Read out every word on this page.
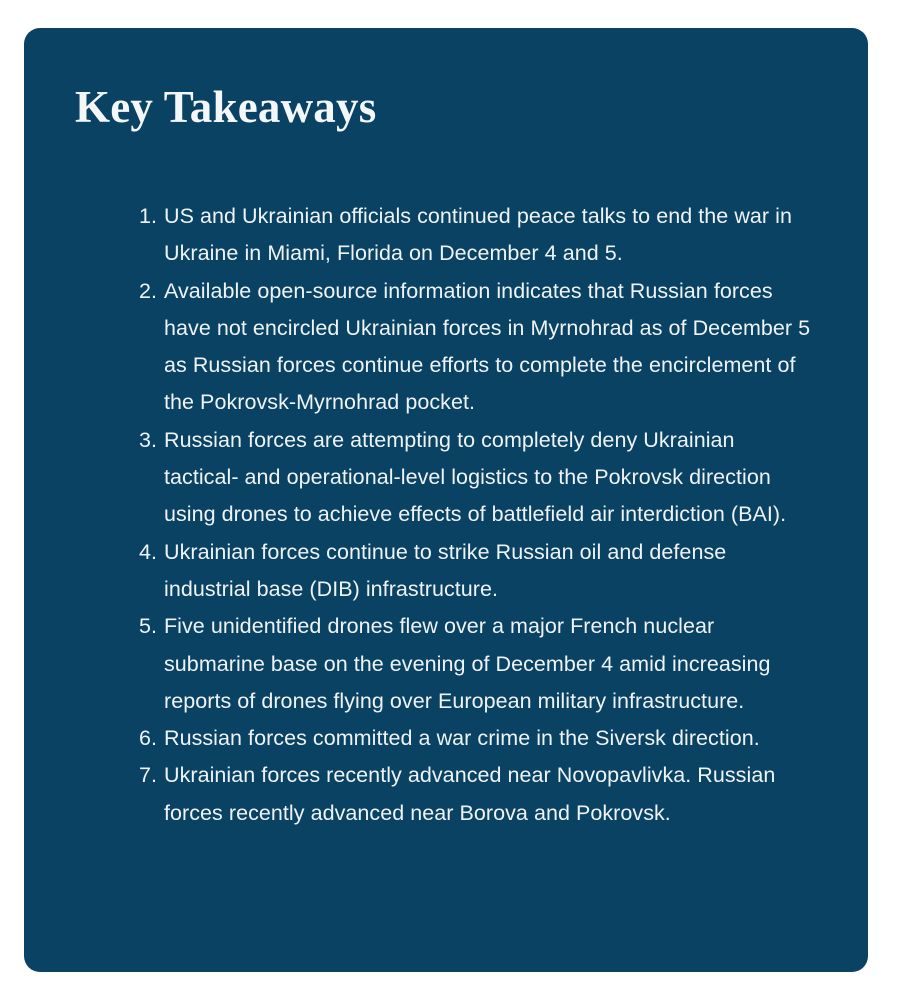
Key Takeaways
1. US and Ukrainian officials continued peace talks to end the war in Ukraine in Miami, Florida on December 4 and 5.
2. Available open-source information indicates that Russian forces have not encircled Ukrainian forces in Myrnohrad as of December 5 as Russian forces continue efforts to complete the encirclement of the Pokrovsk-Myrnohrad pocket.
3. Russian forces are attempting to completely deny Ukrainian tactical- and operational-level logistics to the Pokrovsk direction using drones to achieve effects of battlefield air interdiction (BAI).
4. Ukrainian forces continue to strike Russian oil and defense industrial base (DIB) infrastructure.
5. Five unidentified drones flew over a major French nuclear submarine base on the evening of December 4 amid increasing reports of drones flying over European military infrastructure.
6. Russian forces committed a war crime in the Siversk direction.
7. Ukrainian forces recently advanced near Novopavlivka. Russian forces recently advanced near Borova and Pokrovsk.
